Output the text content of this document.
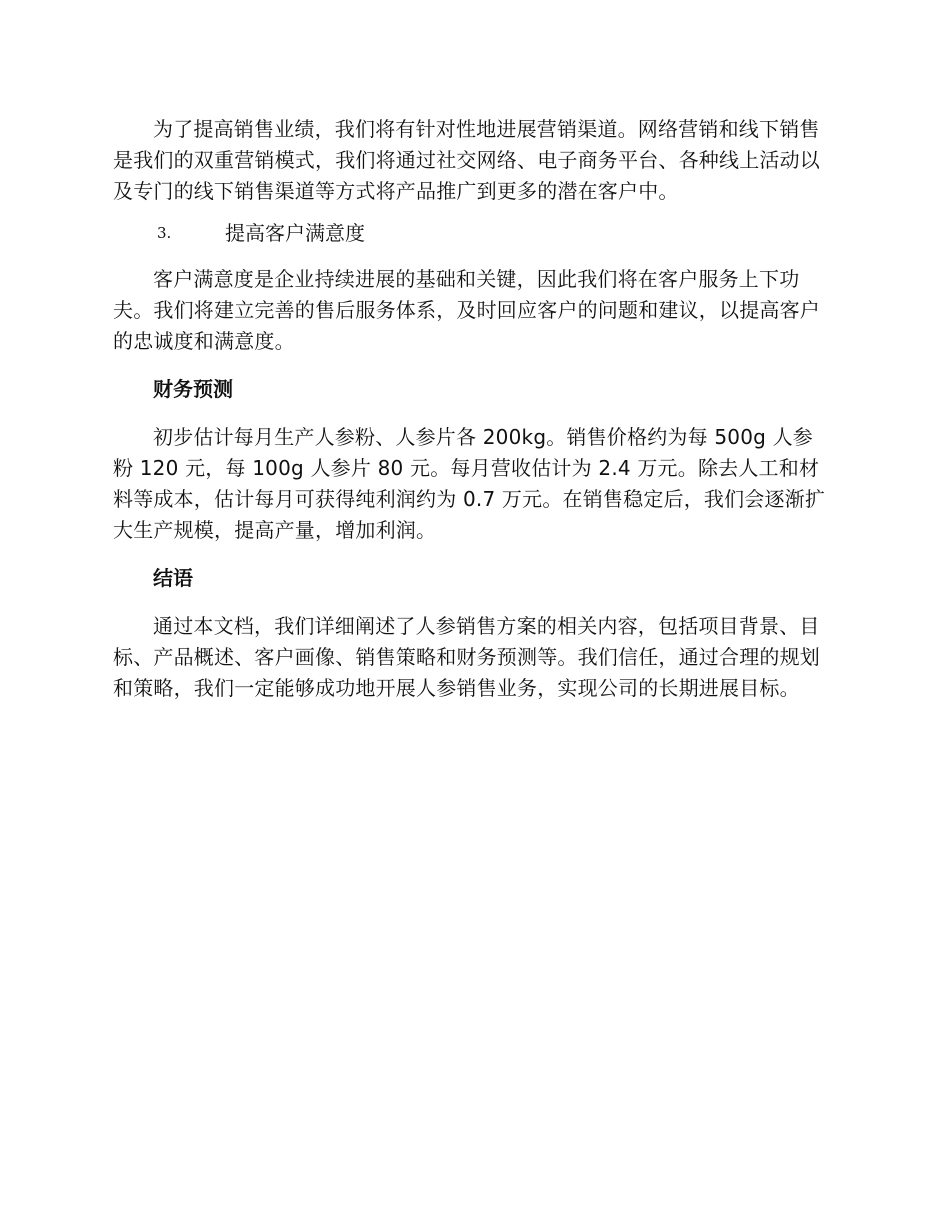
为了提高销售业绩，我们将有针对性地进展营销渠道。网络营销和线下销售是我们的双重营销模式，我们将通过社交网络、电子商务平台、各种线上活动以及专门的线下销售渠道等方式将产品推广到更多的潜在客户中。

3.	提高客户满意度

客户满意度是企业持续进展的基础和关键，因此我们将在客户服务上下功夫。我们将建立完善的售后服务体系，及时回应客户的问题和建议，以提高客户的忠诚度和满意度。

财务预测

初步估计每月生产人参粉、人参片各 200kg。销售价格约为每 500g 人参粉 120 元，每 100g 人参片 80 元。每月营收估计为 2.4 万元。除去人工和材料等成本，估计每月可获得纯利润约为 0.7 万元。在销售稳定后，我们会逐渐扩大生产规模，提高产量，增加利润。

结语

通过本文档，我们详细阐述了人参销售方案的相关内容，包括项目背景、目标、产品概述、客户画像、销售策略和财务预测等。我们信任，通过合理的规划和策略，我们一定能够成功地开展人参销售业务，实现公司的长期进展目标。
